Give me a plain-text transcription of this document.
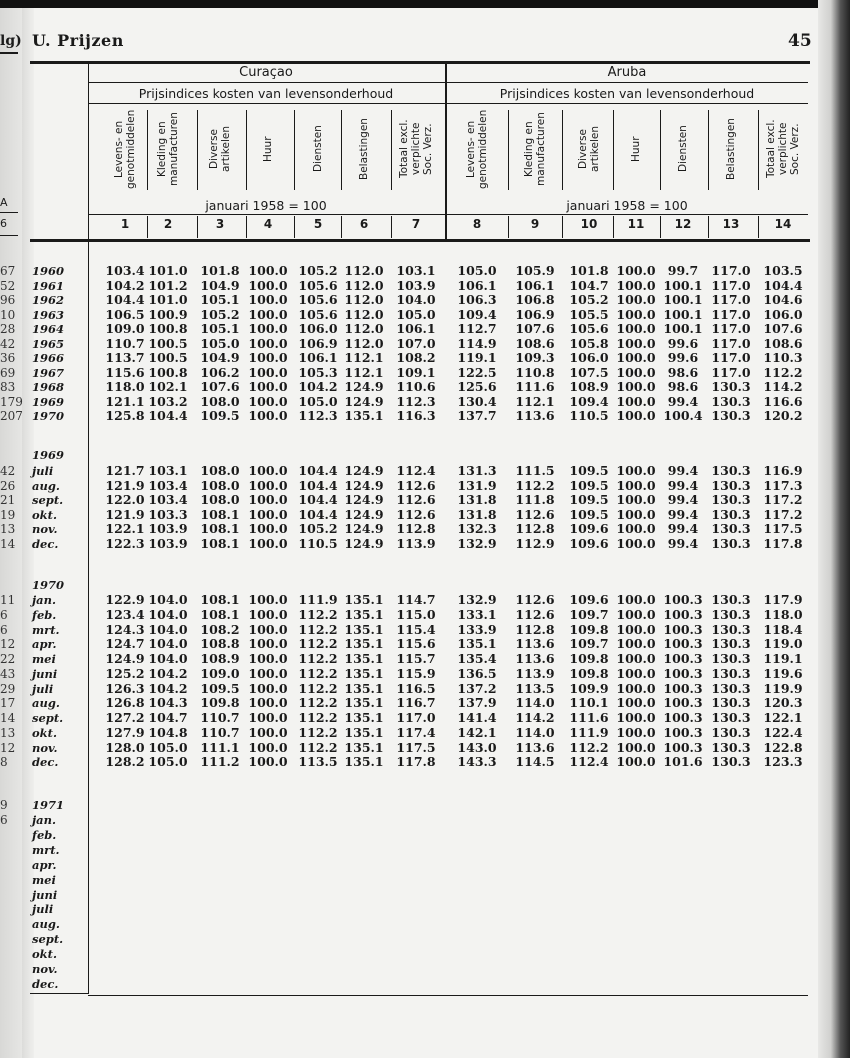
lg) U. Prijzen	45
A
6
Curaçao
Prijsindices kosten van levensonderhoud
januari 1958 = 100
Aruba
Prijsindices kosten van levensonderhoud
januari 1958 = 100
Levens- en
genotmiddelen
1
Kleding en
manufacturen
2
Diverse
artikelen
3
Huur
4
Diensten
5
Belastingen
6
Totaal excl.
verplichte
Soc. Verz.
7
Levens- en
genotmiddelen
8
Kleding en
manufacturen
9
Diverse
artikelen
10
Huur
11
Diensten
12
Belastingen
13
Totaal excl.
verplichte
Soc. Verz.
14
1960	103.4 101.0 101.8 100.0 105.2 112.0 103.1 105.0 105.9 101.8 100.0 99.7 117.0 103.5
1961	104.2 101.2 104.9 100.0 105.6 112.0 103.9 106.1 106.1 104.7 100.0 100.1 117.0 104.4
1962	104.4 101.0 105.1 100.0 105.6 112.0 104.0 106.3 106.8 105.2 100.0 100.1 117.0 104.6
1963	106.5 100.9 105.2 100.0 105.6 112.0 105.0 109.4 106.9 105.5 100.0 100.1 117.0 106.0
1964	109.0 100.8 105.1 100.0 106.0 112.0 106.1 112.7 107.6 105.6 100.0 100.1 117.0 107.6
1965	110.7 100.5 105.0 100.0 106.9 112.0 107.0 114.9 108.6 105.8 100.0 99.6 117.0 108.6
1966	113.7 100.5 104.9 100.0 106.1 112.1 108.2 119.1 109.3 106.0 100.0 99.6 117.0 110.3
1967	115.6 100.8 106.2 100.0 105.3 112.1 109.1 122.5 110.8 107.5 100.0 98.6 117.0 112.2
1968	118.0 102.1 107.6 100.0 104.2 124.9 110.6 125.6 111.6 108.9 100.0 98.6 130.3 114.2
1969	121.1 103.2 108.0 100.0 105.0 124.9 112.3 130.4 112.1 109.4 100.0 99.4 130.3 116.6
1970	125.8 104.4 109.5 100.0 112.3 135.1 116.3 137.7 113.6 110.5 100.0 100.4 130.3 120.2
1969
juli	121.7 103.1 108.0 100.0 104.4 124.9 112.4 131.3 111.5 109.5 100.0 99.4 130.3 116.9
aug.	121.9 103.4 108.0 100.0 104.4 124.9 112.6 131.9 112.2 109.5 100.0 99.4 130.3 117.3
sept.	122.0 103.4 108.0 100.0 104.4 124.9 112.6 131.8 111.8 109.5 100.0 99.4 130.3 117.2
okt.	121.9 103.3 108.1 100.0 104.4 124.9 112.6 131.8 112.6 109.5 100.0 99.4 130.3 117.2
nov.	122.1 103.9 108.1 100.0 105.2 124.9 112.8 132.3 112.8 109.6 100.0 99.4 130.3 117.5
dec.	122.3 103.9 108.1 100.0 110.5 124.9 113.9 132.9 112.9 109.6 100.0 99.4 130.3 117.8
1970
jan.	122.9 104.0 108.1 100.0 111.9 135.1 114.7 132.9 112.6 109.6 100.0 100.3 130.3 117.9
feb.	123.4 104.0 108.1 100.0 112.2 135.1 115.0 133.1 112.6 109.7 100.0 100.3 130.3 118.0
mrt.	124.3 104.0 108.2 100.0 112.2 135.1 115.4 133.9 112.8 109.8 100.0 100.3 130.3 118.4
apr.	124.7 104.0 108.8 100.0 112.2 135.1 115.6 135.1 113.6 109.7 100.0 100.3 130.3 119.0
mei	124.9 104.0 108.9 100.0 112.2 135.1 115.7 135.4 113.6 109.8 100.0 100.3 130.3 119.1
juni	125.2 104.2 109.0 100.0 112.2 135.1 115.9 136.5 113.9 109.8 100.0 100.3 130.3 119.6
juli	126.3 104.2 109.5 100.0 112.2 135.1 116.5 137.2 113.5 109.9 100.0 100.3 130.3 119.9
aug.	126.8 104.3 109.8 100.0 112.2 135.1 116.7 137.9 114.0 110.1 100.0 100.3 130.3 120.3
sept.	127.2 104.7 110.7 100.0 112.2 135.1 117.0 141.4 114.2 111.6 100.0 100.3 130.3 122.1
okt.	127.9 104.8 110.7 100.0 112.2 135.1 117.4 142.1 114.0 111.9 100.0 100.3 130.3 122.4
nov.	128.0 105.0 111.1 100.0 112.2 135.1 117.5 143.0 113.6 112.2 100.0 100.3 130.3 122.8
dec.	128.2 105.0 111.2 100.0 113.5 135.1 117.8 143.3 114.5 112.4 100.0 101.6 130.3 123.3
1971
jan.
feb.
mrt.
apr.
mei
juni
juli
aug.
sept.
okt.
nov.
dec.
67
52
96
10
28
42
36
69
83
179
207
42
26
21
19
13
14
11
6
6
12
22
43
29
17
14
13
12
8
9
6
